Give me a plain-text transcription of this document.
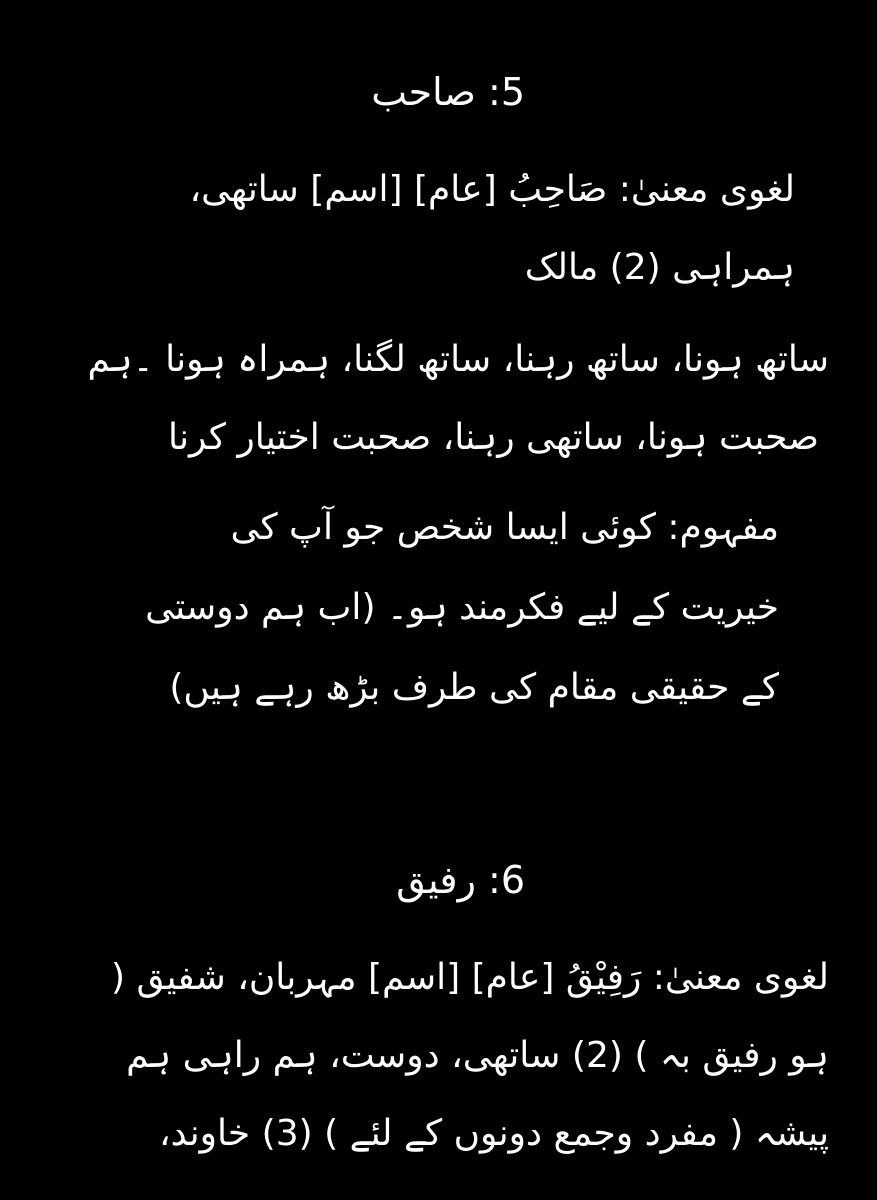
5: صاحب
لغوی معنیٰ: صَاحِبُ [عام] [اسم] ساتھی،
ہمراہی (2) مالک
ساتھ ہونا، ساتھ رہنا، ساتھ لگنا، ہمراہ ہونا ۔ہم
صحبت ہونا، ساتھی رہنا، صحبت اختیار کرنا
مفہوم: کوئی ایسا شخص جو آپ کی
خیریت کے لیے فکرمند ہو۔ (اب ہم دوستی
کے حقیقی مقام کی طرف بڑھ رہے ہیں)
6: رفیق
لغوی معنیٰ: رَفِیْقُ [عام] [اسم] مہربان، شفیق (
ہو رفیق بہ ) (2) ساتھی، دوست، ہم راہی ہم
پیشہ ( مفرد وجمع دونوں کے لئے ) (3) خاوند،
